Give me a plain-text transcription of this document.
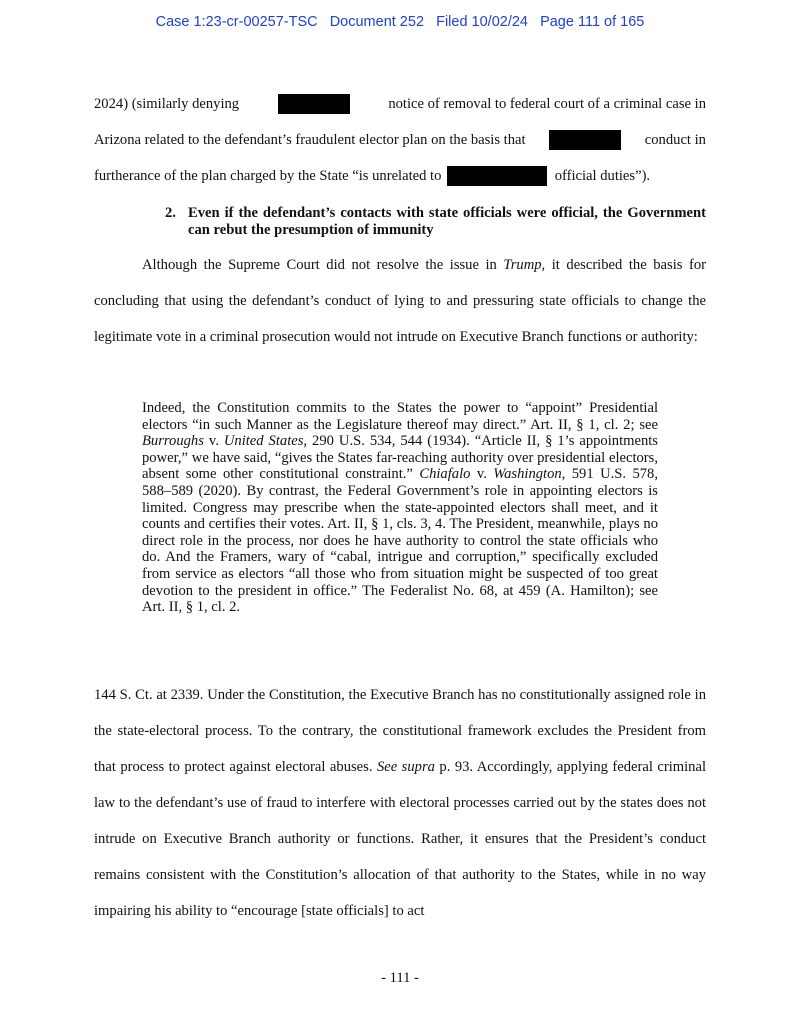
Case 1:23-cr-00257-TSC   Document 252   Filed 10/02/24   Page 111 of 165
2024) (similarly denying	notice of removal to federal court of a criminal case in
Arizona related to the defendant’s fraudulent elector plan on the basis that	conduct in
furtherance of the plan charged by the State “is unrelated to	official duties”).
2. Even if the defendant’s contacts with state officials were official, the Government can rebut the presumption of immunity
Although the Supreme Court did not resolve the issue in Trump, it described the basis for concluding that using the defendant’s conduct of lying to and pressuring state officials to change the legitimate vote in a criminal prosecution would not intrude on Executive Branch functions or authority:
Indeed, the Constitution commits to the States the power to “appoint” Presidential electors “in such Manner as the Legislature thereof may direct.” Art. II, § 1, cl. 2; see Burroughs v. United States, 290 U.S. 534, 544 (1934). “Article II, § 1’s appointments power,” we have said, “gives the States far-reaching authority over presidential electors, absent some other constitutional constraint.” Chiafalo v. Washington, 591 U.S. 578, 588–589 (2020). By contrast, the Federal Government’s role in appointing electors is limited. Congress may prescribe when the state-appointed electors shall meet, and it counts and certifies their votes. Art. II, § 1, cls. 3, 4. The President, meanwhile, plays no direct role in the process, nor does he have authority to control the state officials who do. And the Framers, wary of “cabal, intrigue and corruption,” specifically excluded from service as electors “all those who from situation might be suspected of too great devotion to the president in office.” The Federalist No. 68, at 459 (A. Hamilton); see Art. II, § 1, cl. 2.
144 S. Ct. at 2339. Under the Constitution, the Executive Branch has no constitutionally assigned role in the state-electoral process. To the contrary, the constitutional framework excludes the President from that process to protect against electoral abuses. See supra p. 93. Accordingly, applying federal criminal law to the defendant’s use of fraud to interfere with electoral processes carried out by the states does not intrude on Executive Branch authority or functions. Rather, it ensures that the President’s conduct remains consistent with the Constitution’s allocation of that authority to the States, while in no way impairing his ability to “encourage [state officials] to act
- 111 -
